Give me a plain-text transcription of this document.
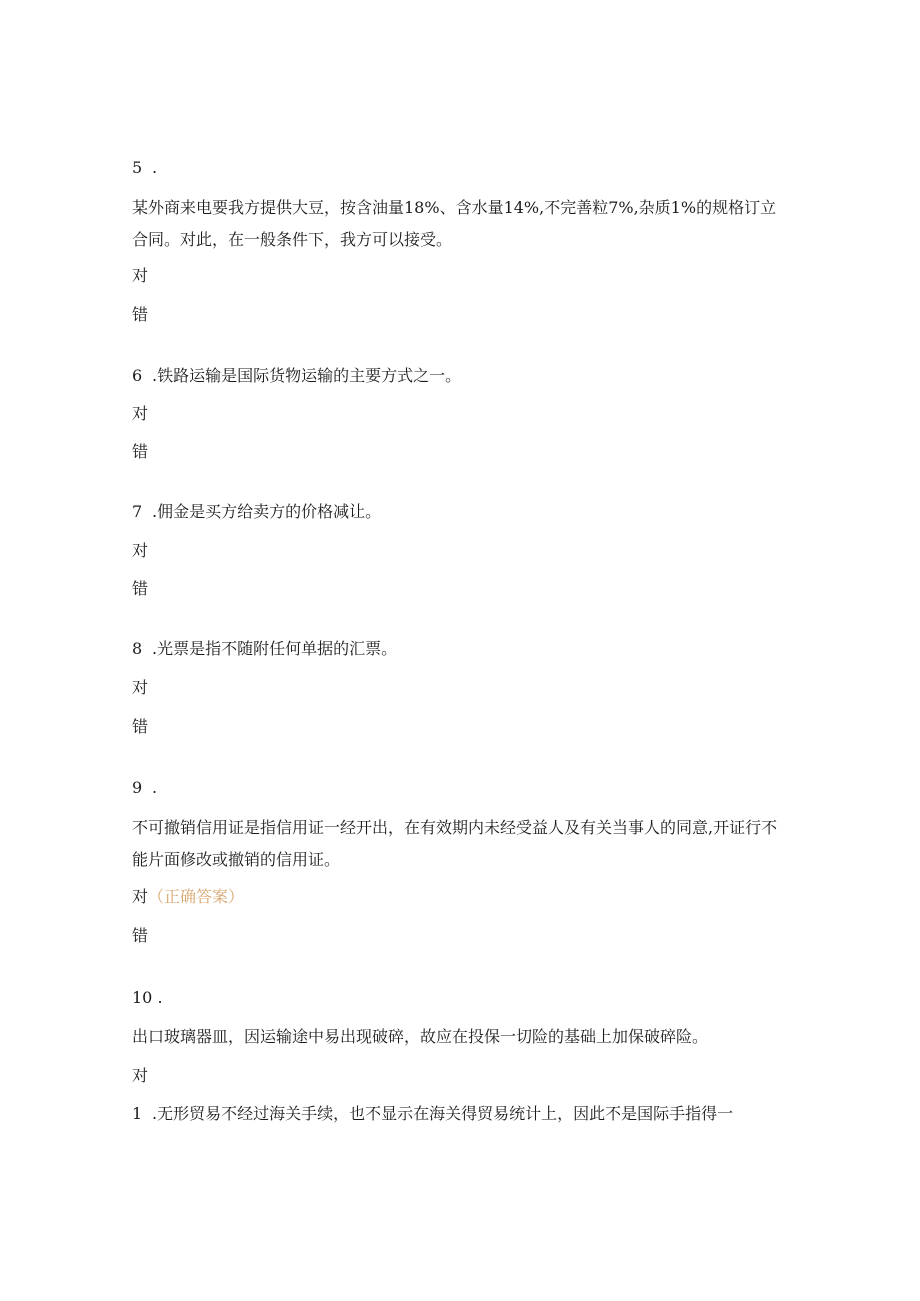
5 .
某外商来电要我方提供大豆，按含油量18%、含水量14%,不完善粒7%,杂质1%的规格订立合同。对此，在一般条件下，我方可以接受。
对
错
6 .铁路运输是国际货物运输的主要方式之一。
对
错
7 .佣金是买方给卖方的价格减让。
对
错
8 .光票是指不随附任何单据的汇票。
对
错
9 .
不可撤销信用证是指信用证一经开出，在有效期内未经受益人及有关当事人的同意,开证行不能片面修改或撤销的信用证。
对（正确答案）
错
10 .
出口玻璃器皿，因运输途中易出现破碎，故应在投保一切险的基础上加保破碎险。
对
1 .无形贸易不经过海关手续，也不显示在海关得贸易统计上，因此不是国际手指得一
